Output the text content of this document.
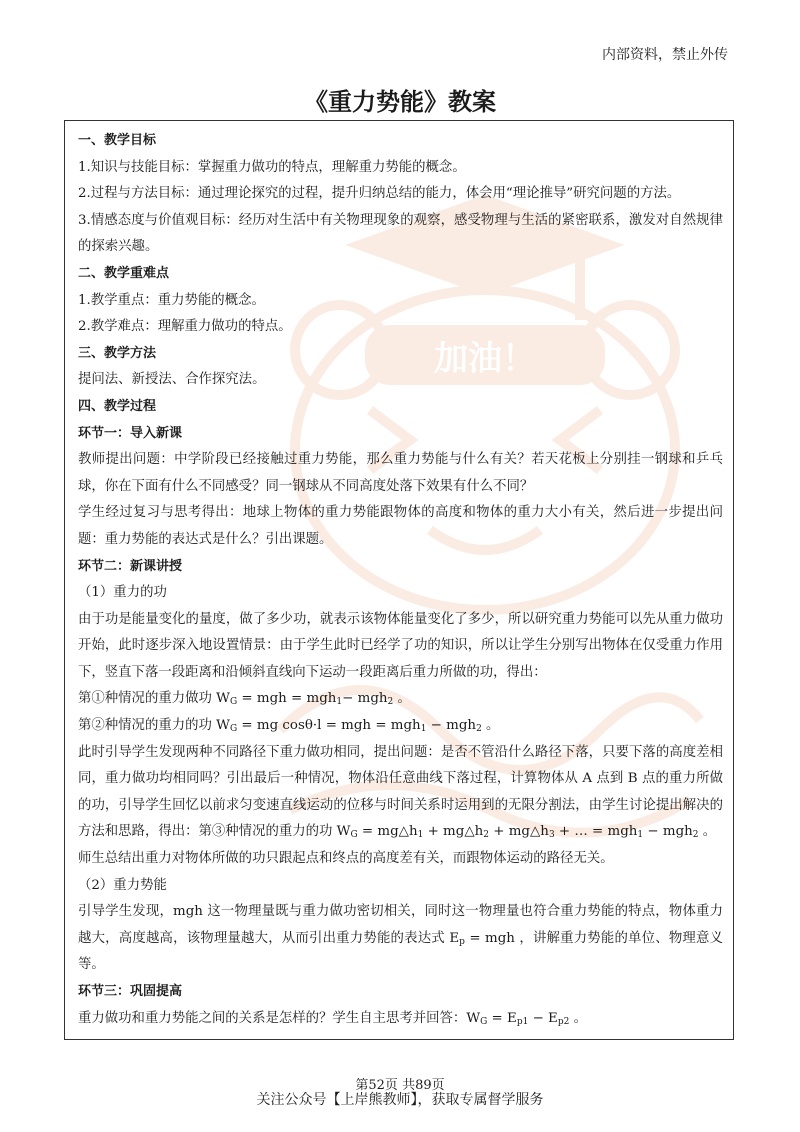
加油！
内部资料，禁止外传
《重力势能》教案

一、教学目标

1.知识与技能目标：掌握重力做功的特点，理解重力势能的概念。

2.过程与方法目标：通过理论探究的过程，提升归纳总结的能力，体会用“理论推导”研究问题的方法。

3.情感态度与价值观目标：经历对生活中有关物理现象的观察，感受物理与生活的紧密联系，激发对自然规律的探索兴趣。

二、教学重难点

1.教学重点：重力势能的概念。

2.教学难点：理解重力做功的特点。

三、教学方法

提问法、新授法、合作探究法。

四、教学过程

环节一：导入新课

教师提出问题：中学阶段已经接触过重力势能，那么重力势能与什么有关？若天花板上分别挂一钢球和乒乓球，你在下面有什么不同感受？同一钢球从不同高度处落下效果有什么不同？

学生经过复习与思考得出：地球上物体的重力势能跟物体的高度和物体的重力大小有关，然后进一步提出问题：重力势能的表达式是什么？引出课题。

环节二：新课讲授

（1）重力的功

由于功是能量变化的量度，做了多少功，就表示该物体能量变化了多少，所以研究重力势能可以先从重力做功开始，此时逐步深入地设置情景：由于学生此时已经学了功的知识，所以让学生分别写出物体在仅受重力作用下，竖直下落一段距离和沿倾斜直线向下运动一段距离后重力所做的功，得出：

第①种情况的重力做功 $W_G$ = mgh = mgh$_1$− mgh$_2$ 。

第②种情况的重力的功 $W_G$ = mg cosθ·l = mgh = mgh$_1$ − mgh$_2$ 。

此时引导学生发现两种不同路径下重力做功相同，提出问题：是否不管沿什么路径下落，只要下落的高度差相同，重力做功均相同吗？引出最后一种情况，物体沿任意曲线下落过程，计算物体从 A 点到 B 点的重力所做的功，引导学生回忆以前求匀变速直线运动的位移与时间关系时运用到的无限分割法，由学生讨论提出解决的方法和思路，得出：第③种情况的重力的功 $W_G$ = $mg\triangle h_1$ + $mg\triangle h_2$ + $mg\triangle h_3$ + … = mgh$_1$ − mgh$_2$ 。

师生总结出重力对物体所做的功只跟起点和终点的高度差有关，而跟物体运动的路径无关。

（2）重力势能

引导学生发现，mgh 这一物理量既与重力做功密切相关，同时这一物理量也符合重力势能的特点，物体重力越大，高度越高，该物理量越大，从而引出重力势能的表达式 $E_p$ = mgh ，讲解重力势能的单位、物理意义等。

环节三：巩固提高

重力做功和重力势能之间的关系是怎样的？学生自主思考并回答：$W_G = E_{p1} - E_{p2}$ 。

第52页 共89页
关注公众号【上岸熊教师】，获取专属督学服务
